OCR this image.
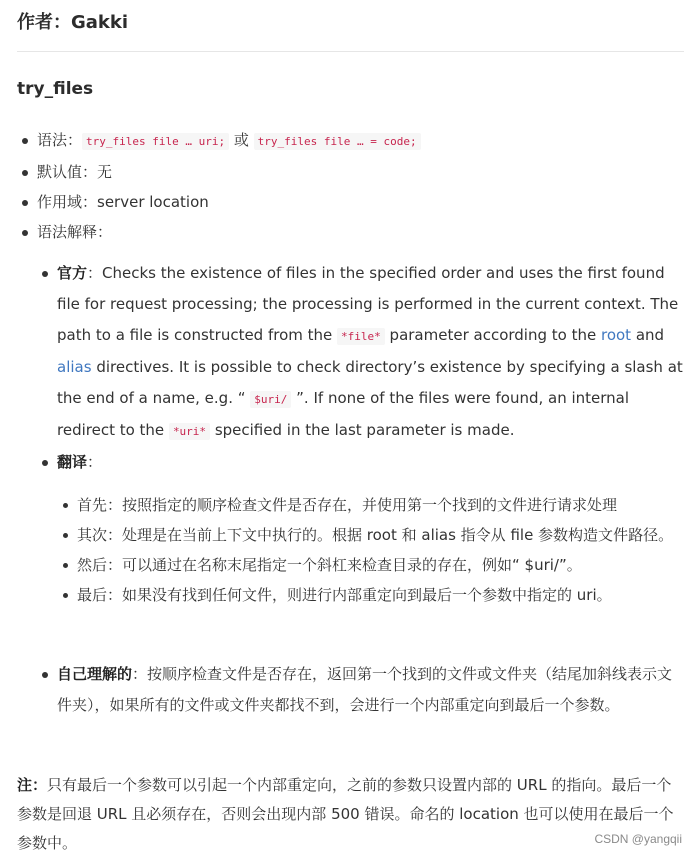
作者：Gakki
try_files
语法： try_files file … uri; 或 try_files file … = code;
默认值：无
作用域：server location
语法解释：
官方：Checks the existence of files in the specified order and uses the first found file for request processing; the processing is performed in the current context. The path to a file is constructed from the *file* parameter according to the root and alias directives. It is possible to check directory’s existence by specifying a slash at the end of a name, e.g. “ $uri/ ”. If none of the files were found, an internal redirect to the *uri* specified in the last parameter is made.
翻译：
首先：按照指定的顺序检查文件是否存在，并使用第一个找到的文件进行请求处理
其次：处理是在当前上下文中执行的。根据 root 和 alias 指令从 file 参数构造文件路径。
然后：可以通过在名称末尾指定一个斜杠来检查目录的存在，例如“ $uri/”。
最后：如果没有找到任何文件，则进行内部重定向到最后一个参数中指定的 uri。
自己理解的：按顺序检查文件是否存在，返回第一个找到的文件或文件夹（结尾加斜线表示文件夹），如果所有的文件或文件夹都找不到，会进行一个内部重定向到最后一个参数。
注：只有最后一个参数可以引起一个内部重定向，之前的参数只设置内部的 URL 的指向。最后一个参数是回退 URL 且必须存在，否则会出现内部 500 错误。命名的 location 也可以使用在最后一个参数中。	CSDN @yangqii
